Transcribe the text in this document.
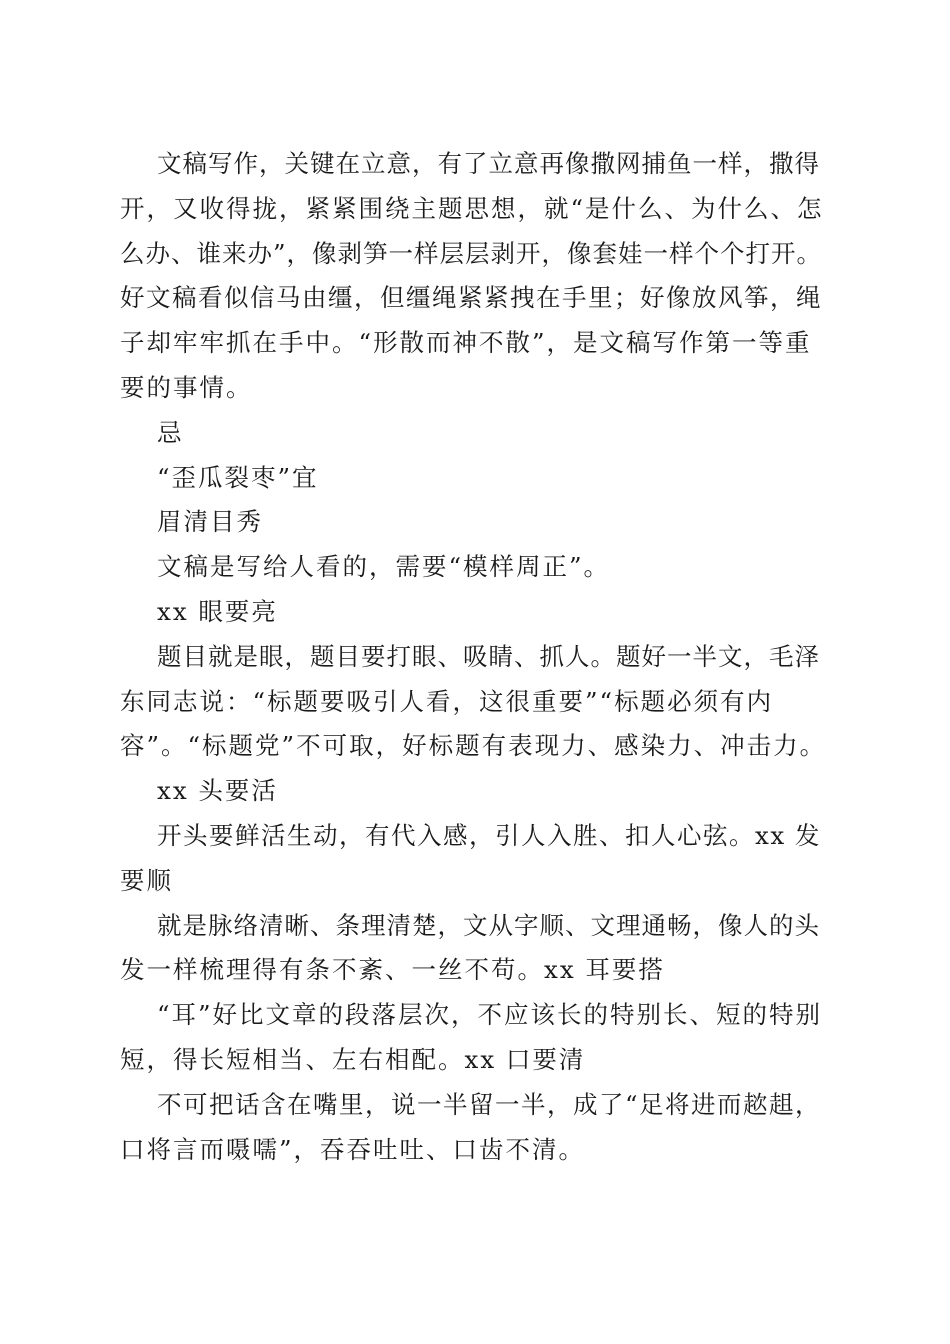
文稿写作，关键在立意，有了立意再像撒网捕鱼一样，撒得
开，又收得拢，紧紧围绕主题思想，就“是什么、为什么、怎
么办、谁来办”，像剥笋一样层层剥开，像套娃一样个个打开。
好文稿看似信马由缰，但缰绳紧紧拽在手里；好像放风筝，绳
子却牢牢抓在手中。“形散而神不散”，是文稿写作第一等重
要的事情。
忌
“歪瓜裂枣”宜
眉清目秀
文稿是写给人看的，需要“模样周正”。
xx 眼要亮
题目就是眼，题目要打眼、吸睛、抓人。题好一半文，毛泽
东同志说：“标题要吸引人看，这很重要”“标题必须有内
容”。“标题党”不可取，好标题有表现力、感染力、冲击力。
xx 头要活
开头要鲜活生动，有代入感，引人入胜、扣人心弦。xx 发
要顺
就是脉络清晰、条理清楚，文从字顺、文理通畅，像人的头
发一样梳理得有条不紊、一丝不苟。xx 耳要搭
“耳”好比文章的段落层次，不应该长的特别长、短的特别
短，得长短相当、左右相配。xx 口要清
不可把话含在嘴里，说一半留一半，成了“足将进而趑趄，
口将言而嗫嚅”，吞吞吐吐、口齿不清。
